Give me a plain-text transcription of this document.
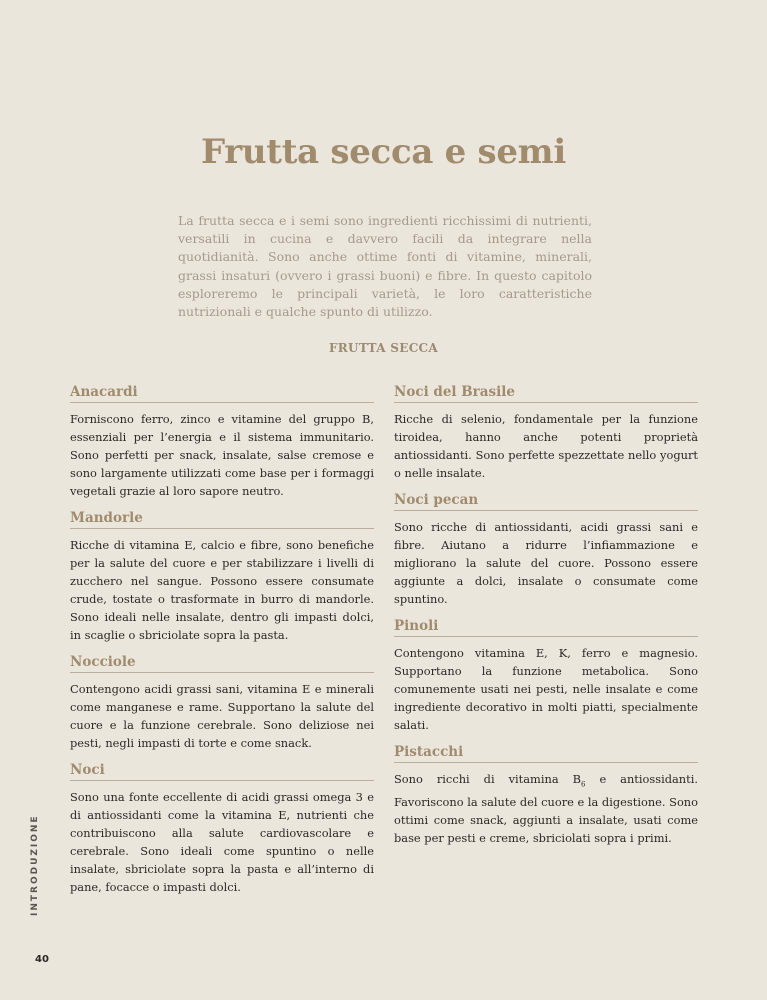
Frutta secca e semi

La frutta secca e i semi sono ingredienti ricchissimi di nutrienti, versatili in cucina e davvero facili da integrare nella quotidianità. Sono anche ottime fonti di vitamine, minerali, grassi insaturi (ovvero i grassi buoni) e fibre. In questo capitolo esploreremo le principali varietà, le loro caratteristiche nutrizionali e qualche spunto di utilizzo.

FRUTTA SECCA
Anacardi

Forniscono ferro, zinco e vitamine del gruppo B, essenziali per l’energia e il sistema immunitario. Sono perfetti per snack, insalate, salse cremose e sono largamente utilizzati come base per i formaggi vegetali grazie al loro sapore neutro.

Mandorle

Ricche di vitamina E, calcio e fibre, sono benefiche per la salute del cuore e per stabilizzare i livelli di zucchero nel sangue. Possono essere consumate crude, tostate o trasformate in burro di mandorle. Sono ideali nelle insalate, dentro gli impasti dolci, in scaglie o sbriciolate sopra la pasta.

Nocciole

Contengono acidi grassi sani, vitamina E e minerali come manganese e rame. Supportano la salute del cuore e la funzione cerebrale. Sono deliziose nei pesti, negli impasti di torte e come snack.

Noci

Sono una fonte eccellente di acidi grassi omega 3 e di antiossidanti come la vitamina E, nutrienti che contribuiscono alla salute cardiovascolare e cerebrale. Sono ideali come spuntino o nelle insalate, sbriciolate sopra la pasta e all’interno di pane, focacce o impasti dolci.

Noci del Brasile

Ricche di selenio, fondamentale per la funzione tiroidea, hanno anche potenti proprietà antiossidanti. Sono perfette spezzettate nello yogurt o nelle insalate.

Noci pecan

Sono ricche di antiossidanti, acidi grassi sani e fibre. Aiutano a ridurre l’infiammazione e migliorano la salute del cuore. Possono essere aggiunte a dolci, insalate o consumate come spuntino.

Pinoli

Contengono vitamina E, K, ferro e magnesio. Supportano la funzione metabolica. Sono comunemente usati nei pesti, nelle insalate e come ingrediente decorativo in molti piatti, specialmente salati.

Pistacchi

Sono ricchi di vitamina $B_6$ e antiossidanti. Favoriscono la salute del cuore e la digestione. Sono ottimi come snack, aggiunti a insalate, usati come base per pesti e creme, sbriciolati sopra i primi.

INTRODUZIONE
40
